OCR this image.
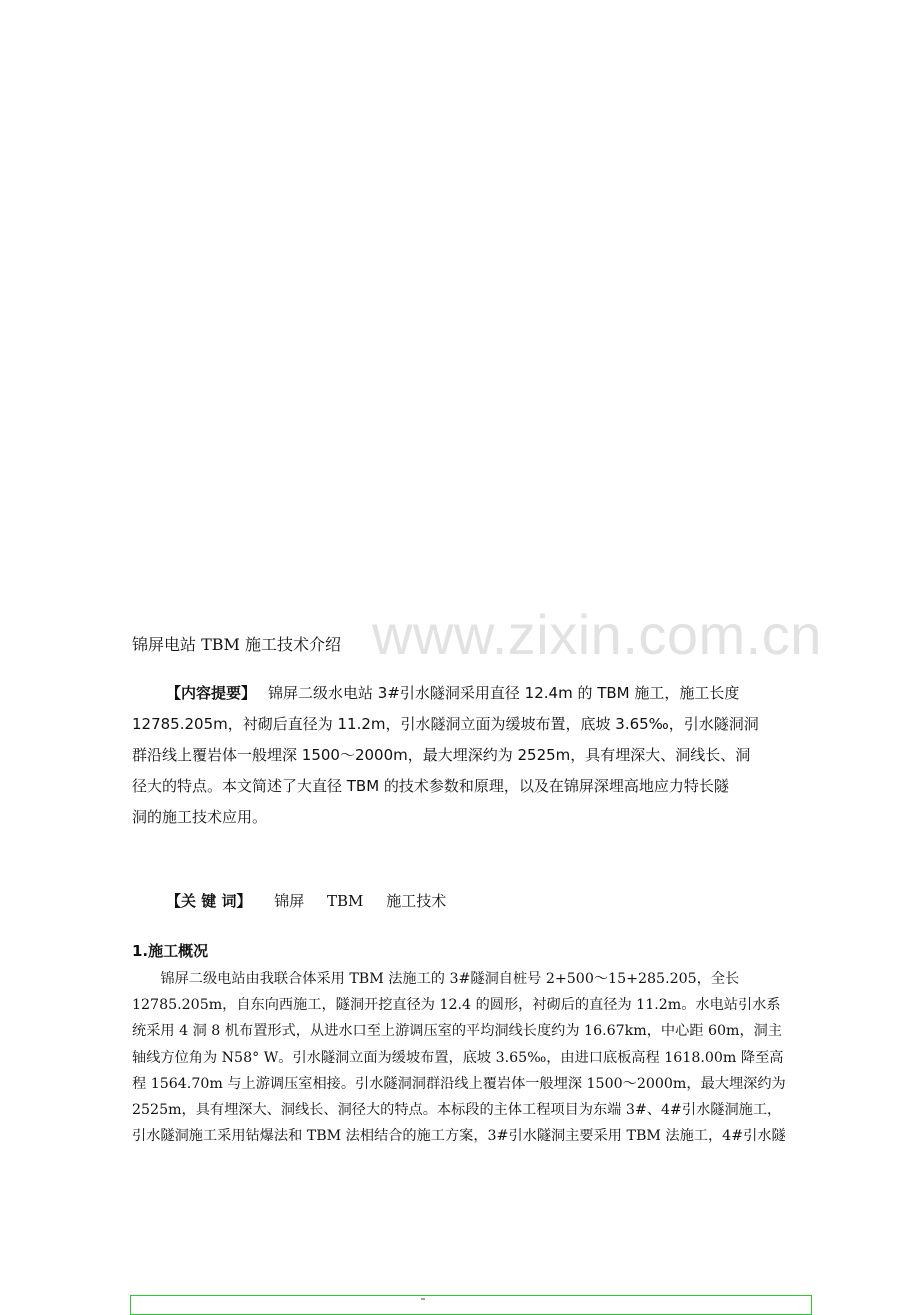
www.zixin.com.cn
锦屏电站 TBM 施工技术介绍
【内容提要】 锦屏二级水电站 3#引水隧洞采用直径 12.4m 的 TBM 施工，施工长度
12785.205m，衬砌后直径为 11.2m，引水隧洞立面为缓坡布置，底坡 3.65‰，引水隧洞洞
群沿线上覆岩体一般埋深 1500～2000m，最大埋深约为 2525m，具有埋深大、洞线长、洞
径大的特点。本文简述了大直径 TBM 的技术参数和原理，以及在锦屏深埋高地应力特长隧
洞的施工技术应用。
【关 键 词】 锦屏 TBM 施工技术
1.施工概况
　　锦屏二级电站由我联合体采用 TBM 法施工的 3#隧洞自桩号 2+500～15+285.205，全长
12785.205m，自东向西施工，隧洞开挖直径为 12.4 的圆形，衬砌后的直径为 11.2m。水电站引水系
统采用 4 洞 8 机布置形式，从进水口至上游调压室的平均洞线长度约为 16.67km，中心距 60m，洞主
轴线方位角为 N58° W。引水隧洞立面为缓坡布置，底坡 3.65‰，由进口底板高程 1618.00m 降至高
程 1564.70m 与上游调压室相接。引水隧洞洞群沿线上覆岩体一般埋深 1500～2000m，最大埋深约为
2525m，具有埋深大、洞线长、洞径大的特点。本标段的主体工程项目为东端 3#、4#引水隧洞施工，
引水隧洞施工采用钻爆法和 TBM 法相结合的施工方案，3#引水隧洞主要采用 TBM 法施工，4#引水隧
